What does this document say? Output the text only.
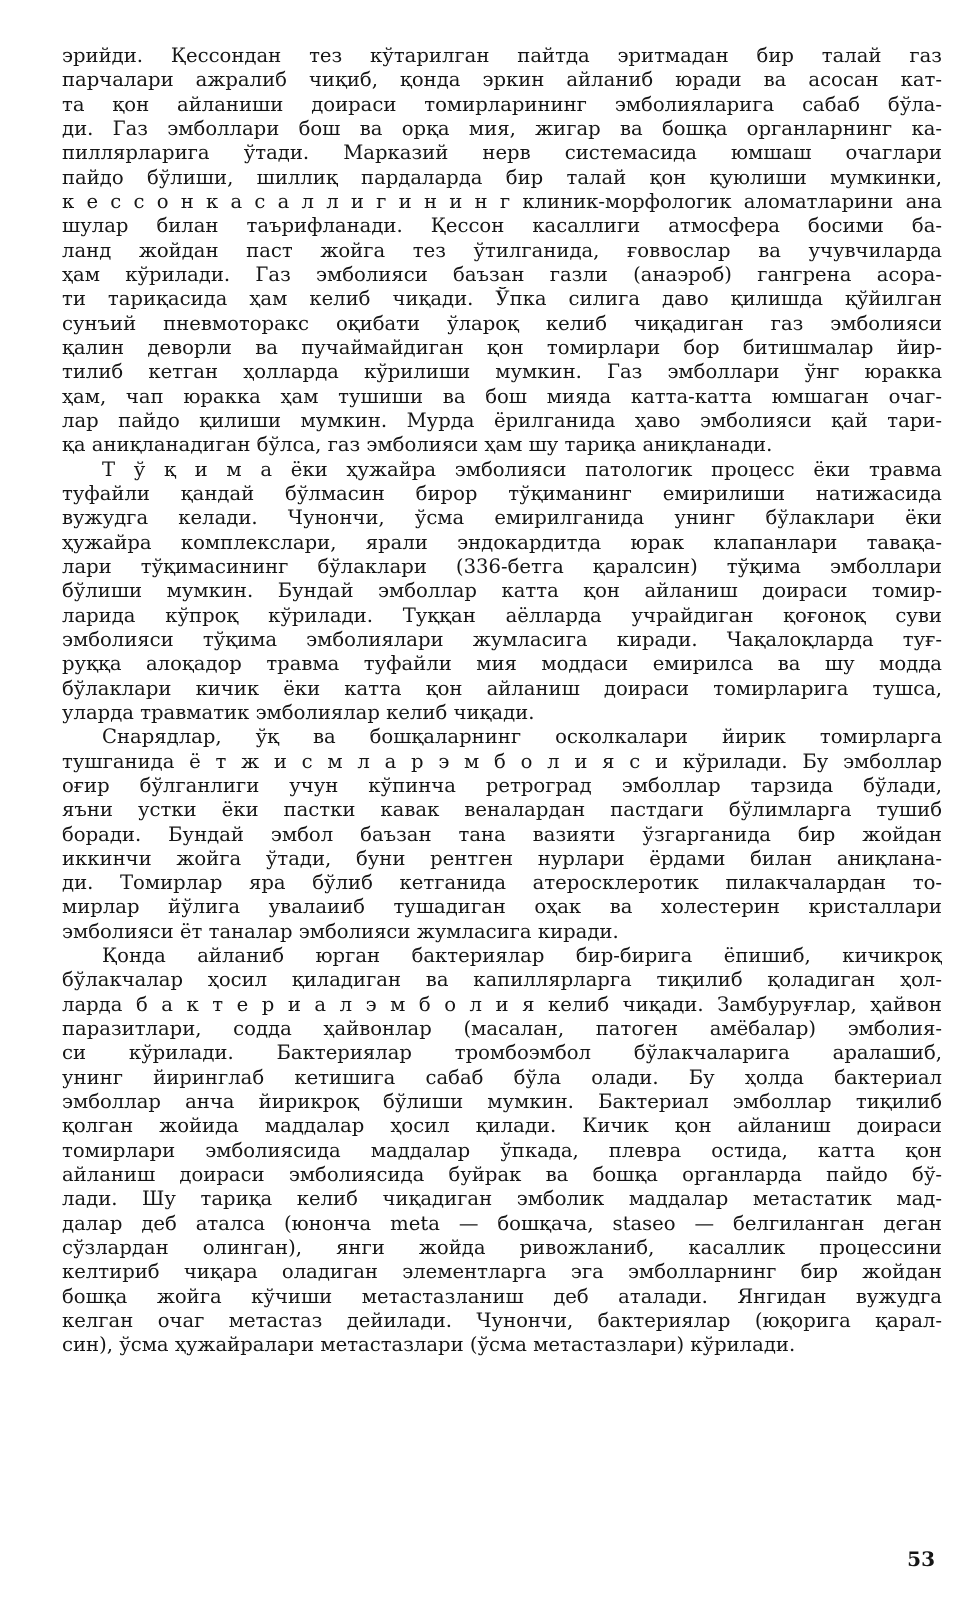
эрийди. Қессондан тез кўтарилган пайтда эритмадан бир талай газ
парчалари ажралиб чиқиб, қонда эркин айланиб юради ва асосан кат-
та қон айланиши доираси томирларининг эмболияларига сабаб бўла-
ди. Газ эмболлари бош ва орқа мия, жигар ва бошқа органларнинг ка-
пиллярларига ўтади. Марказий нерв системасида юмшаш очаглари
пайдо бўлиши, шиллиқ пардаларда бир талай қон қуюлиши мумкинки,
к е с с о н к а с а л л и г и н и н г клиник-морфологик аломатларини ана
шулар билан таърифланади. Қессон касаллиги атмосфера босими ба-
ланд жойдан паст жойга тез ўтилганида, ғоввослар ва учувчиларда
ҳам кўрилади. Газ эмболияси баъзан газли (анаэроб) гангрена асора-
ти тариқасида ҳам келиб чиқади. Ўпка силига даво қилишда қўйилган
сунъий пневмоторакс оқибати ўлароқ келиб чиқадиган газ эмболияси
қалин деворли ва пучаймайдиган қон томирлари бор битишмалар йир-
тилиб кетган ҳолларда кўрилиши мумкин. Газ эмболлари ўнг юракка
ҳам, чап юракка ҳам тушиши ва бош мияда катта-катта юмшаган очаг-
лар пайдо қилиши мумкин. Мурда ёрилганида ҳаво эмболияси қай тари-
қа аниқланадиган бўлса, газ эмболияси ҳам шу тариқа аниқланади.
Т ў қ и м а ёки ҳужайра эмболияси патологик процесс ёки травма
туфайли қандай бўлмасин бирор тўқиманинг емирилиши натижасида
вужудга келади. Чунончи, ўсма емирилганида унинг бўлаклари ёки
ҳужайра комплекслари, ярали эндокардитда юрак клапанлари тавақа-
лари тўқимасининг бўлаклари (336-бетга қаралсин) тўқима эмболлари
бўлиши мумкин. Бундай эмболлар катта қон айланиш доираси томир-
ларида кўпроқ кўрилади. Туққан аёлларда учрайдиган қоғоноқ суви
эмболияси тўқима эмболиялари жумласига киради. Чақалоқларда туғ-
руққа алоқадор травма туфайли мия моддаси емирилса ва шу модда
бўлаклари кичик ёки катта қон айланиш доираси томирларига тушса,
уларда травматик эмболиялар келиб чиқади.
Снарядлар, ўқ ва бошқаларнинг осколкалари йирик томирларга
тушганида ё т ж и с м л а р э м б о л и я с и кўрилади. Бу эмболлар
оғир бўлганлиги учун кўпинча ретроград эмболлар тарзида бўлади,
яъни устки ёки пастки кавак веналардан пастдаги бўлимларга тушиб
боради. Бундай эмбол баъзан тана вазияти ўзгарганида бир жойдан
иккинчи жойга ўтади, буни рентген нурлари ёрдами билан аниқлана-
ди. Томирлар яра бўлиб кетганида атеросклеротик пилакчалардан то-
мирлар йўлига увалаииб тушадиган оҳак ва холестерин кристаллари
эмболияси ёт таналар эмболияси жумласига киради.
Қонда айланиб юрган бактериялар бир-бирига ёпишиб, кичикроқ
бўлакчалар ҳосил қиладиган ва капиллярларга тиқилиб қоладиган ҳол-
ларда б а к т е р и а л э м б о л и я келиб чиқади. Замбуруғлар, ҳайвон
паразитлари, содда ҳайвонлар (масалан, патоген амёбалар) эмболия-
си кўрилади. Бактериялар тромбоэмбол бўлакчаларига аралашиб,
унинг йиринглаб кетишига сабаб бўла олади. Бу ҳолда бактериал
эмболлар анча йирикроқ бўлиши мумкин. Бактериал эмболлар тиқилиб
қолган жойида маддалар ҳосил қилади. Кичик қон айланиш доираси
томирлари эмболиясида маддалар ўпкада, плевра остида, катта қон
айланиш доираси эмболиясида буйрак ва бошқа органларда пайдо бў-
лади. Шу тариқа келиб чиқадиган эмболик маддалар метастатик мад-
далар деб аталса (юнонча meta — бошқача, staseo — белгиланган деган
сўзлардан олинган), янги жойда ривожланиб, касаллик процессини
келтириб чиқара оладиган элементларга эга эмболларнинг бир жойдан
бошқа жойга кўчиши метастазланиш деб аталади. Янгидан вужудга
келган очаг метастаз дейилади. Чунончи, бактериялар (юқорига қарал-
син), ўсма ҳужайралари метастазлари (ўсма метастазлари) кўрилади.
53
